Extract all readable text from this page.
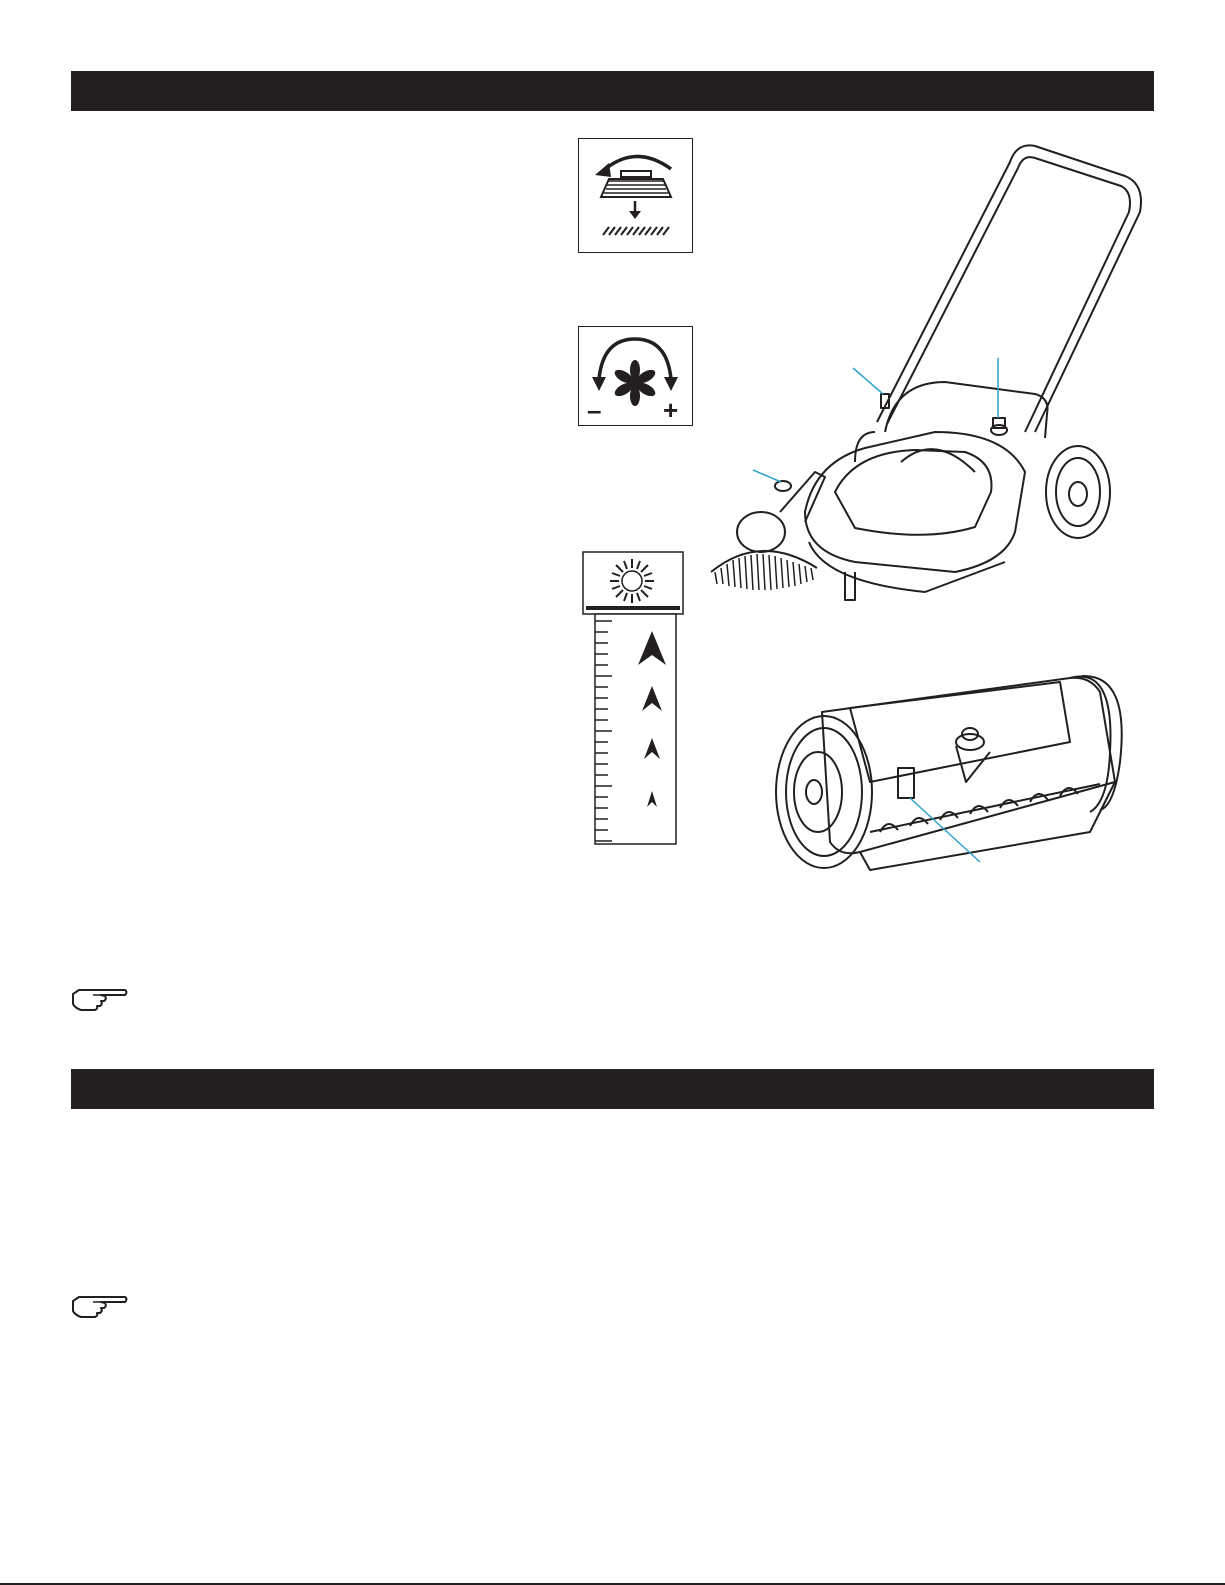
– +
